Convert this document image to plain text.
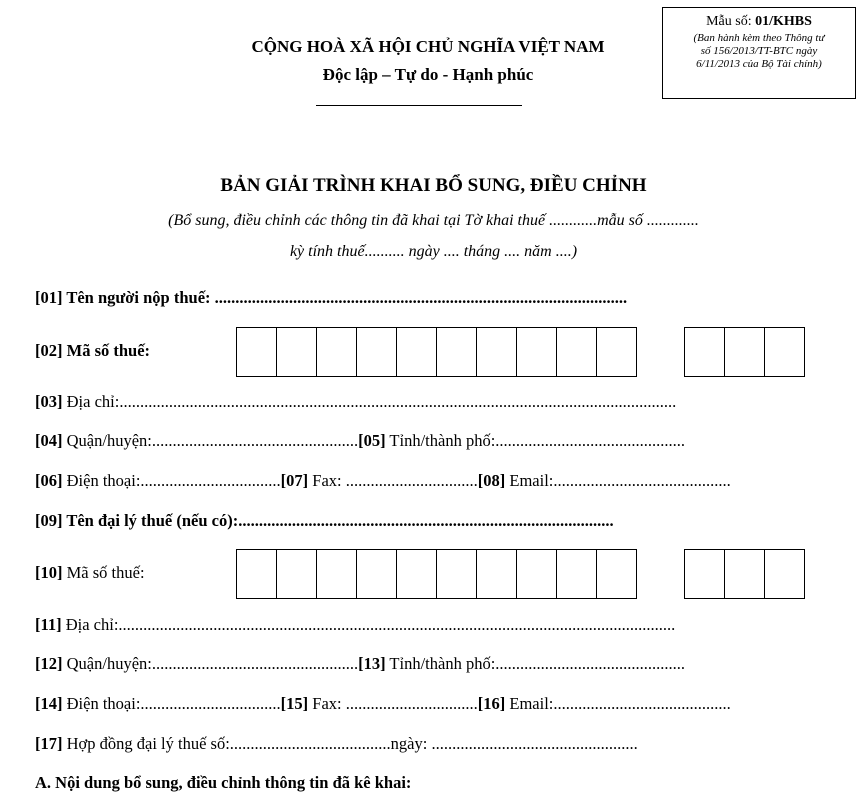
CỘNG HOÀ XÃ HỘI CHỦ NGHĨA VIỆT NAM
Độc lập – Tự do - Hạnh phúc
Mẫu số: 01/KHBS
(Ban hành kèm theo Thông tư
số 156/2013/TT-BTC ngày
6/11/2013 của Bộ Tài chính)
BẢN GIẢI TRÌNH KHAI BỔ SUNG, ĐIỀU CHỈNH
(Bổ sung, điều chỉnh các thông tin đã khai tại Tờ khai thuế ............mẫu số .............
kỳ tính thuế.......... ngày .... tháng .... năm ....)
[01] Tên người nộp thuế: ....................................................................................................
[02] Mã số thuế:
[03] Địa chỉ:.......................................................................................................................................
[04] Quận/huyện:..................................................[05] Tỉnh/thành phố:..............................................
[06] Điện thoại:..................................[07] Fax: ................................[08] Email:...........................................
[09] Tên đại lý thuế (nếu có):...........................................................................................
[10] Mã số thuế:
[11] Địa chỉ:.......................................................................................................................................
[12] Quận/huyện:..................................................[13] Tỉnh/thành phố:..............................................
[14] Điện thoại:..................................[15] Fax: ................................[16] Email:...........................................
[17] Hợp đồng đại lý thuế số:.......................................ngày: ..................................................
A. Nội dung bổ sung, điều chỉnh thông tin đã kê khai:
